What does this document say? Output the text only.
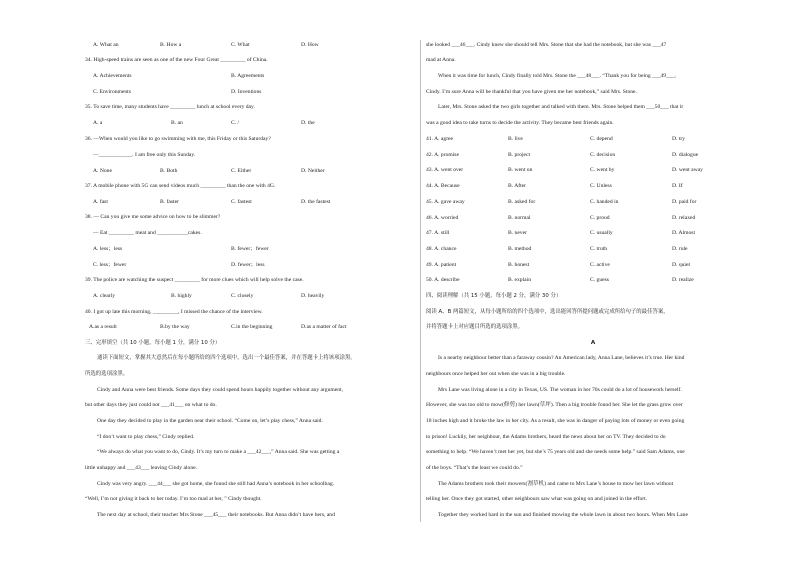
A. What an	B. How a	C. What	D. How
34. High-speed trains are seen as one of the new Four Great _________ of China.
A. Achievements	B. Agreements
C. Environments	D. Inventions
35. To save time, many students have _________ lunch at school every day.
A. a	B. an	C. /	D. the
36. —When would you like to go swimming with me, this Friday or this Saturday?
—____________. I am free only this Sunday.
A. None	B. Both	C. Either	D. Neither
37. A mobile phone with 5G can send videos much _________ than the one with 4G.
A. fast	B. faster	C. fastest	D. the fastest
38. — Can you give me some advice on how to be slimmer?
— Eat _________ meat and ___________cakes.
A. less；less	B. fewer；fewer
C. less；fewer	D. fewer；less
39. The police are watching the suspect _________ for more clues which will help solve the case.
A. clearly	B. highly	C. closely	D. heavily
40. I got up late this morning, _________, I missed the chance of the interview.
A.as a result	B.by the way	C.in the beginning	D.as a matter of fact
三、完形填空（共 10 小题，每小题 1 分，满分 10 分）
通读下面短文，掌握其大意然后在每小题所给的四个选项中，选出一个最佳答案，并在答题卡上将该项涂黑。
所选的选项涂黑。
Cindy and Anna were best friends. Some days they could spend hours happily together without any argument,
but other days they just could not ___41___ on what to do.
One day they decided to play in the garden near their school. “Come on, let’s play chess,” Anna said.
“I don’t want to play chess,” Cindy replied.
“We always do what you want to do, Cindy. It’s my turn to make a ___42___,” Anna said. She was getting a
little unhappy and ___43___ leaving Cindy alone.
Cindy was very angry. ___44___ she got home, she found she still had Anna’s notebook in her schoolbag.
“Well, I’m not giving it back to her today. I’m too mad at her, ” Cindy thought.
The next day at school, their teacher Mrs Stone ___45___ their notebooks. But Anna didn’t have hers, and
she looked ___46___. Cindy knew she should tell Mrs. Stone that she had the notebook, but she was ___47
mad at Anna.
When it was time for lunch, Cindy finally told Mrs. Stone the ___48___. “Thank you for being ___49___,
Cindy. I’m sure Anna will be thankful that you have given me her notebook,” said Mrs. Stone.
Later, Mrs. Stone asked the two girls together and talked with them. Mrs. Stone helped them ___50___ that it
was a good idea to take turns to decide the activity. They became best friends again.
41. A. agree	B. live	C. depend	D. try
42. A. promise	B. project	C. decision	D. dialogue
43. A. went over	B. went on	C. went by	D. went away
44. A. Because	B. After	C. Unless	D. If
45. A. gave away	B. asked for	C. handed in	D. paid for
46. A. worried	B. normal	C. proud	D. relaxed
47. A. still	B. never	C. usually	D. Almost
48. A. chance	B. method	C. truth	D. rule
49. A. patient	B. honest	C. active	D. quiet
50. A. describe	B. explain	C. guess	D. realize
四、阅读理解（共 15 小题，每小题 2 分，满分 30 分）
阅读 A、B 两篇短文，从每小题所给的四个选项中，选出能回答所提问题或完成所给句子的最佳答案，
并将答题卡上对应题目所选的选项涂黑。
A
Is a nearby neighbour better than a faraway cousin? An American lady, Anna Lane, believes it’s true. Her kind
neighbours once helped her out when she was in a big trouble.
Mrs Lane was living alone in a city in Texas, US. The woman in her 70s could do a lot of housework herself.
However, she was too old to mow(修剪) her lawn(草坪). Then a big trouble found her. She let the grass grow over
18 inches high and it broke the law in her city. As a result, she was in danger of paying lots of money or even going
to prison! Luckily, her neighbour, the Adams brothers, heard the news about her on TV. They decided to do
something to help. “We haven’t met her yet, but she’s 75 years old and she needs some help.” said Sam Adams, one
of the boys. “That’s the least we could do.”
The Adams brothers took their mowers(割草机) and came to Mrs Lane’s house to mow her lawn without
telling her. Once they got started, other neighbours saw what was going on and joined in the effort.
Together they worked hard in the sun and finished mowing the whole lawn in about two hours. When Mrs Lane
